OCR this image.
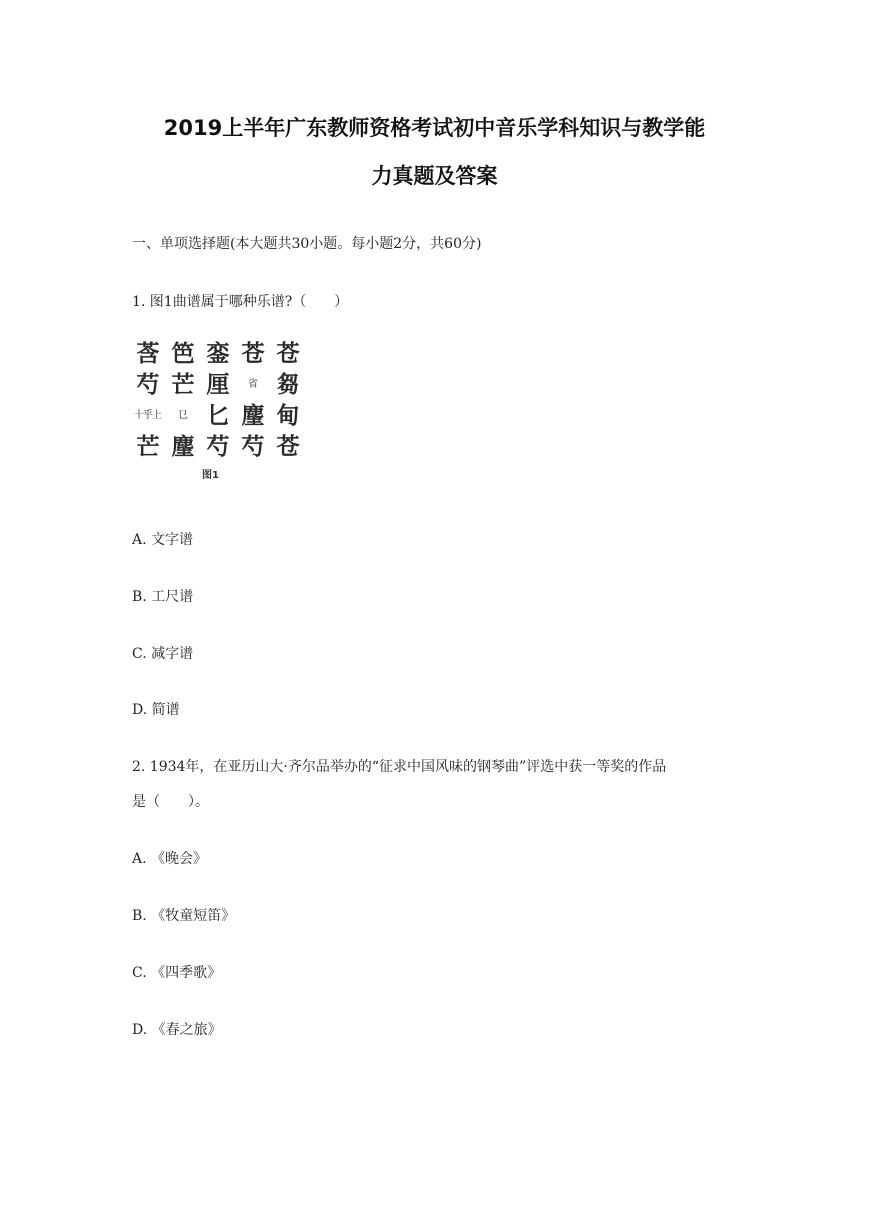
2019上半年广东教师资格考试初中音乐学科知识与教学能
力真题及答案
一、单项选择题(本大题共30小题。每小题2分，共60分)
1. 图1曲谱属于哪种乐谱?（　　）
莟 笆 銮 苍 苍
芍 芒 厘	省 芻
十乎上	㔾 匕 麈 甸
芒 麈 芍 芍 苍
图1
A. 文字谱
B. 工尺谱
C. 减字谱
D. 简谱
2. 1934年，在亚历山大·齐尔品举办的“征求中国风味的钢琴曲”评选中获一等奖的作品
是（　　）。
A. 《晚会》
B. 《牧童短笛》
C. 《四季歌》
D. 《春之旅》
